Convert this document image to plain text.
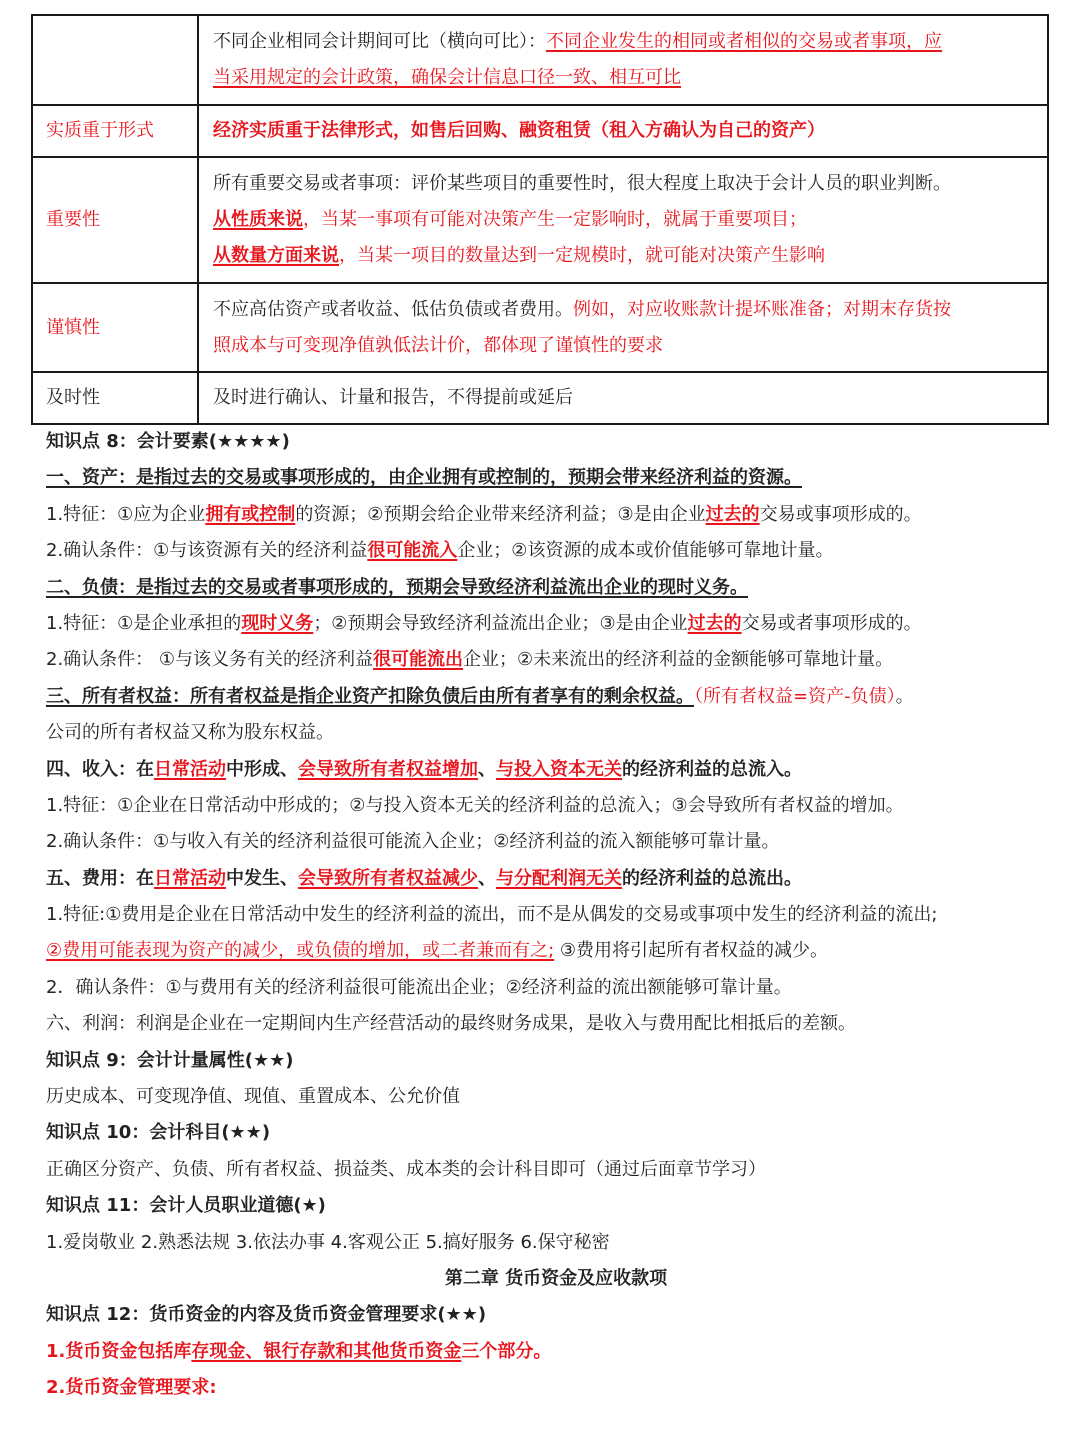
	不同企业相同会计期间可比（横向可比）：不同企业发生的相同或者相似的交易或者事项，应
当采用规定的会计政策，确保会计信息口径一致、相互可比
实质重于形式	经济实质重于法律形式，如售后回购、融资租赁（租入方确认为自己的资产）
重要性	所有重要交易或者事项：评价某些项目的重要性时，很大程度上取决于会计人员的职业判断。
从性质来说，当某一事项有可能对决策产生一定影响时，就属于重要项目；
从数量方面来说，当某一项目的数量达到一定规模时，就可能对决策产生影响
谨慎性	不应高估资产或者收益、低估负债或者费用。例如，对应收账款计提坏账准备；对期末存货按
照成本与可变现净值孰低法计价，都体现了谨慎性的要求
及时性	及时进行确认、计量和报告，不得提前或延后
知识点 8：会计要素(★★★★)
一、资产：是指过去的交易或事项形成的，由企业拥有或控制的，预期会带来经济利益的资源。
1.特征：①应为企业拥有或控制的资源；②预期会给企业带来经济利益；③是由企业过去的交易或事项形成的。
2.确认条件：①与该资源有关的经济利益很可能流入企业；②该资源的成本或价值能够可靠地计量。
二、负债：是指过去的交易或者事项形成的，预期会导致经济利益流出企业的现时义务。
1.特征：①是企业承担的现时义务；②预期会导致经济利益流出企业；③是由企业过去的交易或者事项形成的。
2.确认条件： ①与该义务有关的经济利益很可能流出企业；②未来流出的经济利益的金额能够可靠地计量。
三、所有者权益：所有者权益是指企业资产扣除负债后由所有者享有的剩余权益。（所有者权益=资产-负债）。
公司的所有者权益又称为股东权益。
四、收入：在日常活动中形成、会导致所有者权益增加、与投入资本无关的经济利益的总流入。
1.特征：①企业在日常活动中形成的；②与投入资本无关的经济利益的总流入；③会导致所有者权益的增加。
2.确认条件：①与收入有关的经济利益很可能流入企业；②经济利益的流入额能够可靠计量。
五、费用：在日常活动中发生、会导致所有者权益减少、与分配利润无关的经济利益的总流出。
1.特征:①费用是企业在日常活动中发生的经济利益的流出，而不是从偶发的交易或事项中发生的经济利益的流出;
②费用可能表现为资产的减少，或负债的增加，或二者兼而有之; ③费用将引起所有者权益的减少。
2．确认条件：①与费用有关的经济利益很可能流出企业；②经济利益的流出额能够可靠计量。
六、利润：利润是企业在一定期间内生产经营活动的最终财务成果，是收入与费用配比相抵后的差额。
知识点 9：会计计量属性(★★)
历史成本、可变现净值、现值、重置成本、公允价值
知识点 10：会计科目(★★)
正确区分资产、负债、所有者权益、损益类、成本类的会计科目即可（通过后面章节学习）
知识点 11：会计人员职业道德(★)
1.爱岗敬业 2.熟悉法规 3.依法办事 4.客观公正 5.搞好服务 6.保守秘密
第二章 货币资金及应收款项
知识点 12：货币资金的内容及货币资金管理要求(★★)
1.货币资金包括库存现金、银行存款和其他货币资金三个部分。
2.货币资金管理要求:
